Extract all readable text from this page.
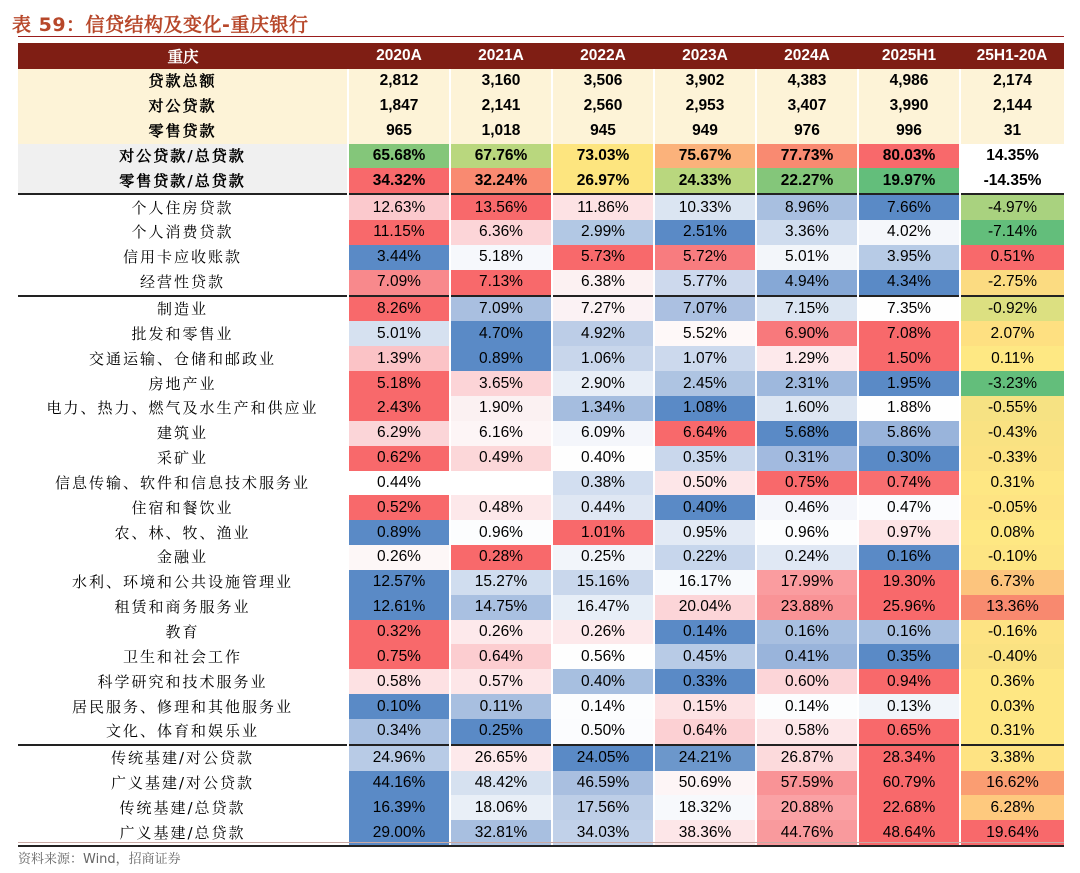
表 59：信贷结构及变化-重庆银行
重庆	2020A	2021A	2022A	2023A	2024A	2025H1	25H1-20A
贷款总额	2,812	3,160	3,506	3,902	4,383	4,986	2,174
对公贷款	1,847	2,141	2,560	2,953	3,407	3,990	2,144
零售贷款	965	1,018	945	949	976	996	31
对公贷款/总贷款	65.68%	67.76%	73.03%	75.67%	77.73%	80.03%	14.35%
零售贷款/总贷款	34.32%	32.24%	26.97%	24.33%	22.27%	19.97%	-14.35%
个人住房贷款	12.63%	13.56%	11.86%	10.33%	8.96%	7.66%	-4.97%
个人消费贷款	11.15%	6.36%	2.99%	2.51%	3.36%	4.02%	-7.14%
信用卡应收账款	3.44%	5.18%	5.73%	5.72%	5.01%	3.95%	0.51%
经营性贷款	7.09%	7.13%	6.38%	5.77%	4.94%	4.34%	-2.75%
制造业	8.26%	7.09%	7.27%	7.07%	7.15%	7.35%	-0.92%
批发和零售业	5.01%	4.70%	4.92%	5.52%	6.90%	7.08%	2.07%
交通运输、仓储和邮政业	1.39%	0.89%	1.06%	1.07%	1.29%	1.50%	0.11%
房地产业	5.18%	3.65%	2.90%	2.45%	2.31%	1.95%	-3.23%
电力、热力、燃气及水生产和供应业	2.43%	1.90%	1.34%	1.08%	1.60%	1.88%	-0.55%
建筑业	6.29%	6.16%	6.09%	6.64%	5.68%	5.86%	-0.43%
采矿业	0.62%	0.49%	0.40%	0.35%	0.31%	0.30%	-0.33%
信息传输、软件和信息技术服务业	0.44%		0.38%	0.50%	0.75%	0.74%	0.31%
住宿和餐饮业	0.52%	0.48%	0.44%	0.40%	0.46%	0.47%	-0.05%
农、林、牧、渔业	0.89%	0.96%	1.01%	0.95%	0.96%	0.97%	0.08%
金融业	0.26%	0.28%	0.25%	0.22%	0.24%	0.16%	-0.10%
水利、环境和公共设施管理业	12.57%	15.27%	15.16%	16.17%	17.99%	19.30%	6.73%
租赁和商务服务业	12.61%	14.75%	16.47%	20.04%	23.88%	25.96%	13.36%
教育	0.32%	0.26%	0.26%	0.14%	0.16%	0.16%	-0.16%
卫生和社会工作	0.75%	0.64%	0.56%	0.45%	0.41%	0.35%	-0.40%
科学研究和技术服务业	0.58%	0.57%	0.40%	0.33%	0.60%	0.94%	0.36%
居民服务、修理和其他服务业	0.10%	0.11%	0.14%	0.15%	0.14%	0.13%	0.03%
文化、体育和娱乐业	0.34%	0.25%	0.50%	0.64%	0.58%	0.65%	0.31%
传统基建/对公贷款	24.96%	26.65%	24.05%	24.21%	26.87%	28.34%	3.38%
广义基建/对公贷款	44.16%	48.42%	46.59%	50.69%	57.59%	60.79%	16.62%
传统基建/总贷款	16.39%	18.06%	17.56%	18.32%	20.88%	22.68%	6.28%
广义基建/总贷款	29.00%	32.81%	34.03%	38.36%	44.76%	48.64%	19.64%
资料来源：Wind，招商证券
